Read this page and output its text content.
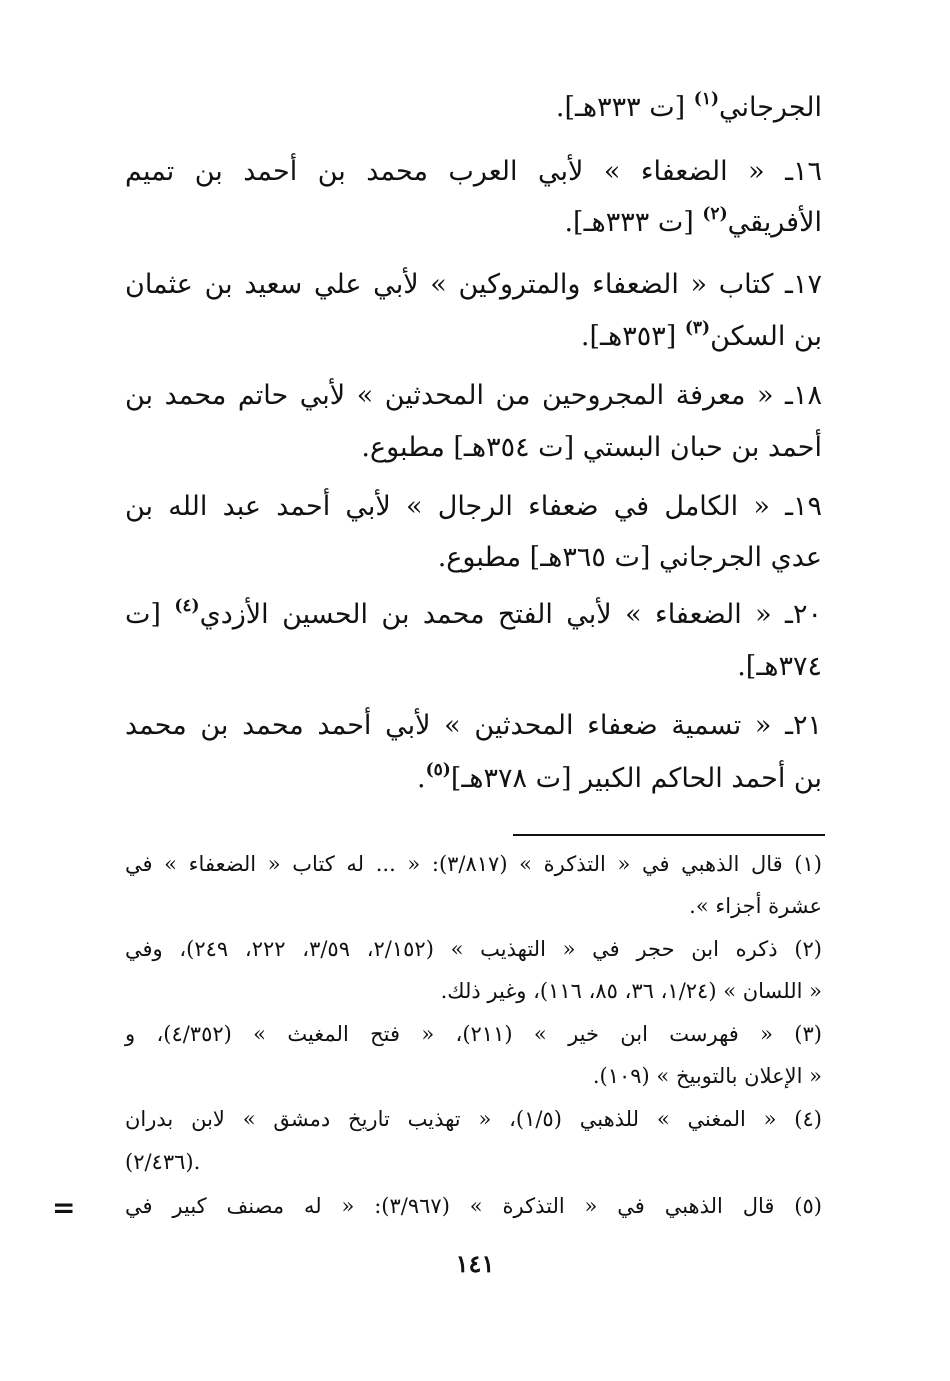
الجرجاني$^{(١)}$ [ت ٣٣٣هـ].
١٦ـ « الضعفاء » لأبي العرب محمد بن أحمد بن تميم
الأفريقي$^{(٢)}$ [ت ٣٣٣هـ].
١٧ـ كتاب « الضعفاء والمتروكين » لأبي علي سعيد بن عثمان
بن السكن$^{(٣)}$ [٣٥٣هـ].
١٨ـ « معرفة المجروحين من المحدثين » لأبي حاتم محمد بن
أحمد بن حبان البستي [ت ٣٥٤هـ] مطبوع.
١٩ـ « الكامل في ضعفاء الرجال » لأبي أحمد عبد الله بن
عدي الجرجاني [ت ٣٦٥هـ] مطبوع.
٢٠ـ « الضعفاء » لأبي الفتح محمد بن الحسين الأزدي$^{(٤)}$ [ت
٣٧٤هـ].
٢١ـ « تسمية ضعفاء المحدثين » لأبي أحمد محمد بن محمد
بن أحمد الحاكم الكبير [ت ٣٧٨هـ]$^{(٥)}$.
(١) قال الذهبي في « التذكرة » (٣/٨١٧): « ... له كتاب « الضعفاء » في
عشرة أجزاء ».
(٢) ذكره ابن حجر في « التهذيب » (٢/١٥٢، ٣/٥٩، ٢٢٢، ٢٤٩)، وفي
« اللسان » (١/٢٤، ٣٦، ٨٥، ١١٦)، وغير ذلك.
(٣) « فهرست ابن خير » (٢١١)، « فتح المغيث » (٤/٣٥٢)، و
« الإعلان بالتوبيخ » (١٠٩).
(٤) « المغني » للذهبي (١/٥)، « تهذيب تاريخ دمشق » لابن بدران
(٢/٤٣٦).
(٥) قال الذهبي في « التذكرة » (٣/٩٦٧): « له مصنف كبير في
=
١٤١
